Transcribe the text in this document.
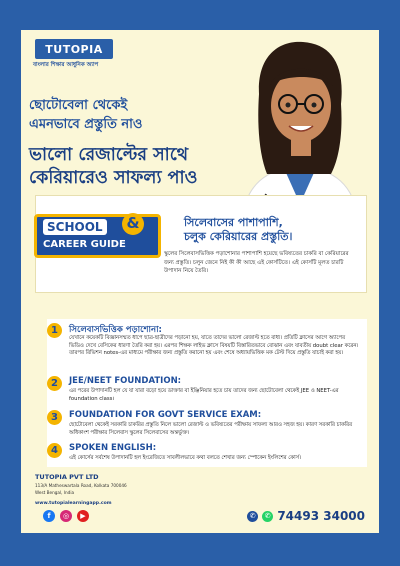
TUTOPIA
বাংলার শিক্ষার আধুনিক অ্যাপ
ছোটোবেলা থেকেই
এমনভাবে প্রস্তুতি নাও
ভালো রেজাল্টের সাথে
কেরিয়ারেও সাফল্য পাও
SCHOOL &
CAREER GUIDE
সিলেবাসের পাশাপাশি,
চলুক কেরিয়ারের প্রস্তুতি।
স্কুলের সিলেবাসভিত্তিক পড়াশোনার পাশাপাশি হয়েছে ভবিষ্যতের চাকরি বা কেরিয়ারের জন্য প্রস্তুতি। চলুন জেনে নিই কী কী আছে এই কোর্সটিতে। এই কোর্সটি মূলত চারটি উপাদান নিয়ে তৈরি।
1	সিলেবাসভিত্তিক পড়াশোনা:
যেখানে কয়েকটি বিজ্ঞানসম্মত ধাপে ছাত্র-ছাত্রীদের পড়ানো হয়, যাতে তাদের ভালো রেজাল্ট হতে বাধ্য। প্রতিটি ক্লাসের আগে অ্যাপের ভিডিও দেখে বেসিকের ধারণা তৈরি করা হয়। এরপর শিক্ষক লাইভ ক্লাসে বিষয়টি বিস্তারিতভাবে বোঝান এবং যাবতীয় doubt clear করেন। তারপর রিভিশন notes-এর মাধ্যমে পরীক্ষার জন্য প্রস্তুতি করানো হয় এবং শেষে অধ্যায়ভিত্তিক মক টেস্ট দিয়ে প্রস্তুতি যাচাই করা হয়।
2	JEE/NEET FOUNDATION:
এর পরের উপাদানটি হল যে যা যারা বড়ো হয়ে ডাক্তার বা ইঞ্জিনিয়ার হতে চায় তাদের জন্য ছোটোবেলা থেকেই JEE ও NEET-এর foundation class।
3	FOUNDATION FOR GOVT SERVICE EXAM:
ছোটোবেলা থেকেই সরকারি চাকরির প্রস্তুতি নিলে ভালো রেজাল্ট ও ভবিষ্যতের পরীক্ষায় সাফল্য আরও সহজ হয়। কারণ সরকারি চাকরির অধিকাংশ পরীক্ষার সিলেবাস স্কুলের সিলেবাসের অন্তর্ভুক্ত।
4	SPOKEN ENGLISH:
এই কোর্সের সর্বশেষ উপাদানটি হল ইংরেজিতে সাবলীলভাবে কথা বলতে শেখার জন্য স্পোকেন ইংলিশের কোর্স।
TUTOPIA PVT LTD
113/A Matheswartala Road, Kolkata 700046
West Bengal, India
www.tutopialearningapp.com
f	◎	▶	✆	✆ 74493 34000
